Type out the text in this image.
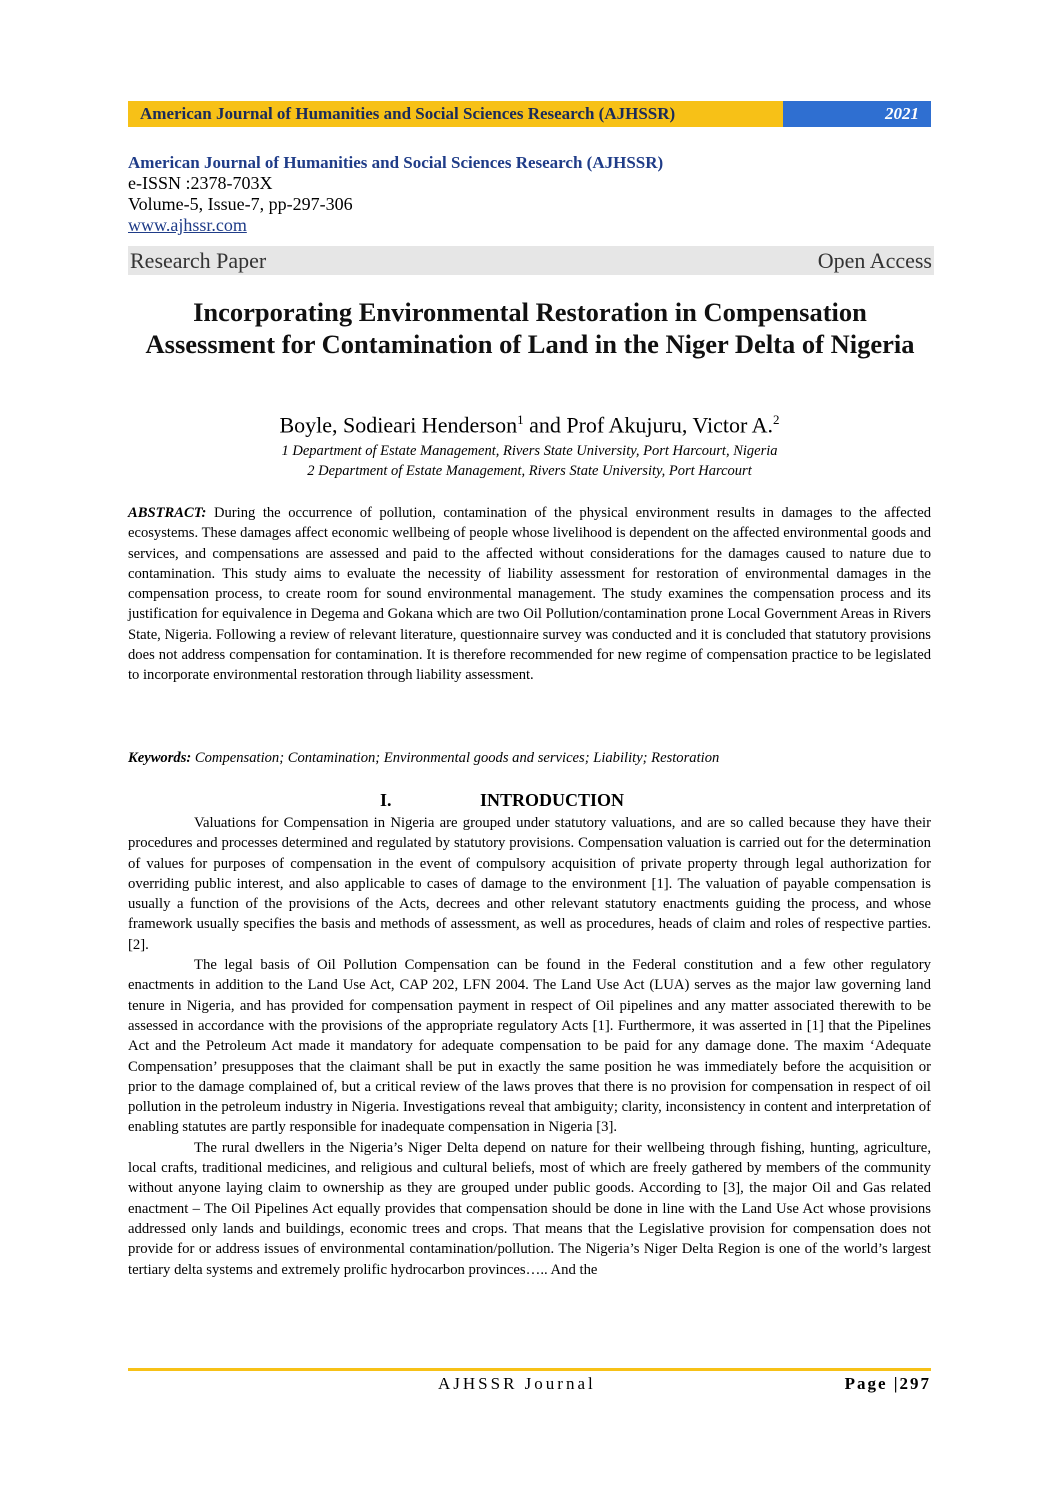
American Journal of Humanities and Social Sciences Research (AJHSSR)	2021
American Journal of Humanities and Social Sciences Research (AJHSSR)
e-ISSN :2378-703X
Volume-5, Issue-7, pp-297-306
www.ajhssr.com
Research Paper	Open Access
Incorporating Environmental Restoration in Compensation Assessment for Contamination of Land in the Niger Delta of Nigeria
Boyle, Sodieari Henderson$^1$ and Prof Akujuru, Victor A.$^2$
1 Department of Estate Management, Rivers State University, Port Harcourt, Nigeria
2 Department of Estate Management, Rivers State University, Port Harcourt
ABSTRACT: During the occurrence of pollution, contamination of the physical environment results in damages to the affected ecosystems. These damages affect economic wellbeing of people whose livelihood is dependent on the affected environmental goods and services, and compensations are assessed and paid to the affected without considerations for the damages caused to nature due to contamination. This study aims to evaluate the necessity of liability assessment for restoration of environmental damages in the compensation process, to create room for sound environmental management. The study examines the compensation process and its justification for equivalence in Degema and Gokana which are two Oil Pollution/contamination prone Local Government Areas in Rivers State, Nigeria. Following a review of relevant literature, questionnaire survey was conducted and it is concluded that statutory provisions does not address compensation for contamination. It is therefore recommended for new regime of compensation practice to be legislated to incorporate environmental restoration through liability assessment.
Keywords: Compensation; Contamination; Environmental goods and services; Liability; Restoration
I.	INTRODUCTION

Valuations for Compensation in Nigeria are grouped under statutory valuations, and are so called because they have their procedures and processes determined and regulated by statutory provisions. Compensation valuation is carried out for the determination of values for purposes of compensation in the event of compulsory acquisition of private property through legal authorization for overriding public interest, and also applicable to cases of damage to the environment [1]. The valuation of payable compensation is usually a function of the provisions of the Acts, decrees and other relevant statutory enactments guiding the process, and whose framework usually specifies the basis and methods of assessment, as well as procedures, heads of claim and roles of respective parties. [2].

The legal basis of Oil Pollution Compensation can be found in the Federal constitution and a few other regulatory enactments in addition to the Land Use Act, CAP 202, LFN 2004. The Land Use Act (LUA) serves as the major law governing land tenure in Nigeria, and has provided for compensation payment in respect of Oil pipelines and any matter associated therewith to be assessed in accordance with the provisions of the appropriate regulatory Acts [1]. Furthermore, it was asserted in [1] that the Pipelines Act and the Petroleum Act made it mandatory for adequate compensation to be paid for any damage done. The maxim ‘Adequate Compensation’ presupposes that the claimant shall be put in exactly the same position he was immediately before the acquisition or prior to the damage complained of, but a critical review of the laws proves that there is no provision for compensation in respect of oil pollution in the petroleum industry in Nigeria. Investigations reveal that ambiguity; clarity, inconsistency in content and interpretation of enabling statutes are partly responsible for inadequate compensation in Nigeria [3].

The rural dwellers in the Nigeria’s Niger Delta depend on nature for their wellbeing through fishing, hunting, agriculture, local crafts, traditional medicines, and religious and cultural beliefs, most of which are freely gathered by members of the community without anyone laying claim to ownership as they are grouped under public goods. According to [3], the major Oil and Gas related enactment – The Oil Pipelines Act equally provides that compensation should be done in line with the Land Use Act whose provisions addressed only lands and buildings, economic trees and crops. That means that the Legislative provision for compensation does not provide for or address issues of environmental contamination/pollution. The Nigeria’s Niger Delta Region is one of the world’s largest tertiary delta systems and extremely prolific hydrocarbon provinces….. And the

AJHSSR Journal	Page |297
